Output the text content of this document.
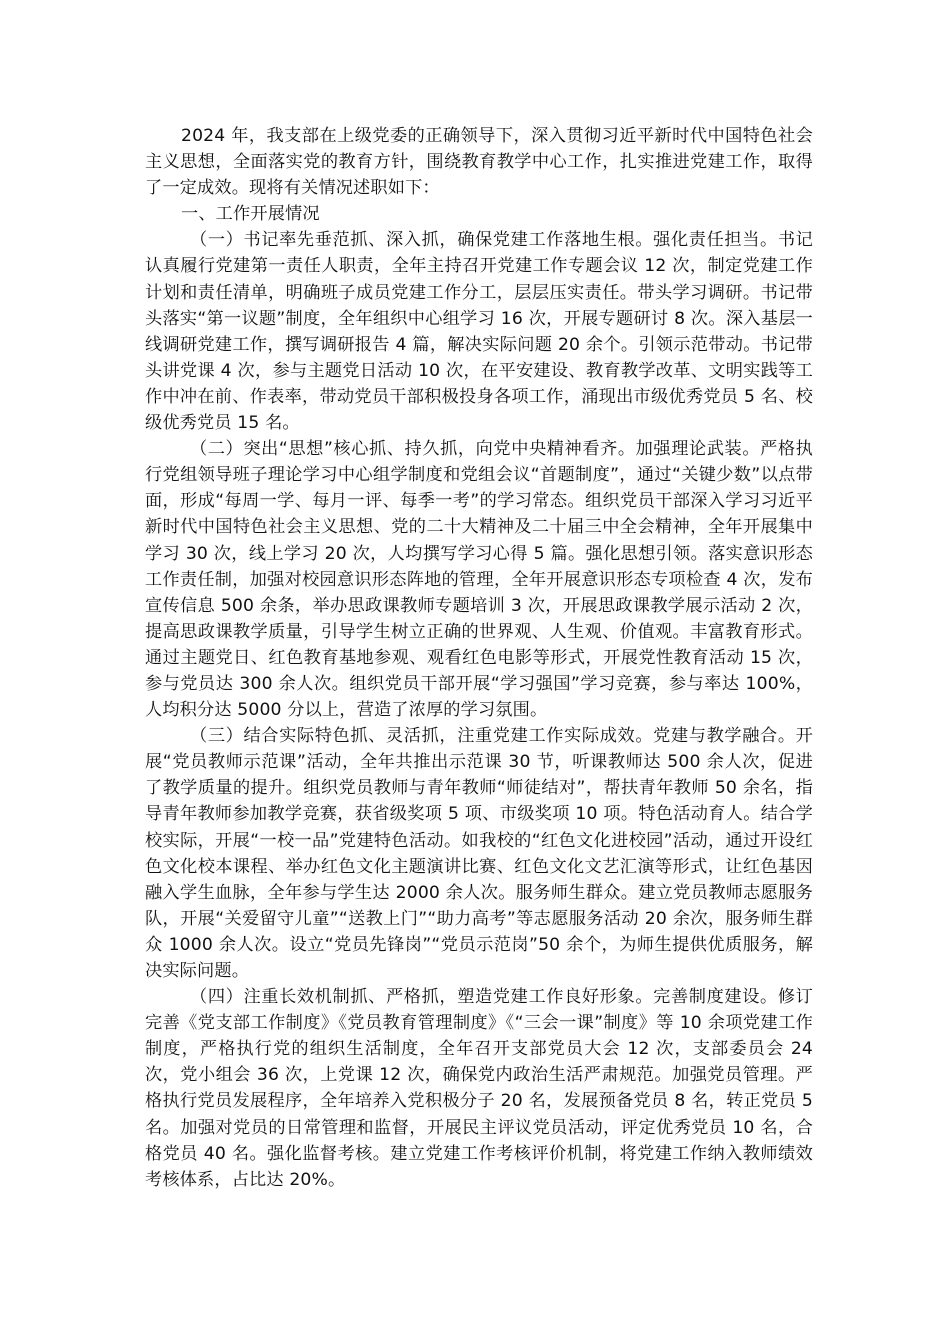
2024 年，我支部在上级党委的正确领导下，深入贯彻习近平新时代中国特色社会主义思想，全面落实党的教育方针，围绕教育教学中心工作，扎实推进党建工作，取得了一定成效。现将有关情况述职如下：

一、工作开展情况

（一）书记率先垂范抓、深入抓，确保党建工作落地生根。强化责任担当。书记认真履行党建第一责任人职责，全年主持召开党建工作专题会议 12 次，制定党建工作计划和责任清单，明确班子成员党建工作分工，层层压实责任。带头学习调研。书记带头落实“第一议题”制度，全年组织中心组学习 16 次，开展专题研讨 8 次。深入基层一线调研党建工作，撰写调研报告 4 篇，解决实际问题 20 余个。引领示范带动。书记带头讲党课 4 次，参与主题党日活动 10 次，在平安建设、教育教学改革、文明实践等工作中冲在前、作表率，带动党员干部积极投身各项工作，涌现出市级优秀党员 5 名、校级优秀党员 15 名。

（二）突出“思想”核心抓、持久抓，向党中央精神看齐。加强理论武装。严格执行党组领导班子理论学习中心组学制度和党组会议“首题制度”，通过“关键少数”以点带面，形成“每周一学、每月一评、每季一考”的学习常态。组织党员干部深入学习习近平新时代中国特色社会主义思想、党的二十大精神及二十届三中全会精神，全年开展集中学习 30 次，线上学习 20 次，人均撰写学习心得 5 篇。强化思想引领。落实意识形态工作责任制，加强对校园意识形态阵地的管理，全年开展意识形态专项检查 4 次，发布宣传信息 500 余条，举办思政课教师专题培训 3 次，开展思政课教学展示活动 2 次，提高思政课教学质量，引导学生树立正确的世界观、人生观、价值观。丰富教育形式。通过主题党日、红色教育基地参观、观看红色电影等形式，开展党性教育活动 15 次，参与党员达 300 余人次。组织党员干部开展“学习强国”学习竞赛，参与率达 100%，人均积分达 5000 分以上，营造了浓厚的学习氛围。

（三）结合实际特色抓、灵活抓，注重党建工作实际成效。党建与教学融合。开展“党员教师示范课”活动，全年共推出示范课 30 节，听课教师达 500 余人次，促进了教学质量的提升。组织党员教师与青年教师“师徒结对”，帮扶青年教师 50 余名，指导青年教师参加教学竞赛，获省级奖项 5 项、市级奖项 10 项。特色活动育人。结合学校实际，开展“一校一品”党建特色活动。如我校的“红色文化进校园”活动，通过开设红色文化校本课程、举办红色文化主题演讲比赛、红色文化文艺汇演等形式，让红色基因融入学生血脉，全年参与学生达 2000 余人次。服务师生群众。建立党员教师志愿服务队，开展“关爱留守儿童”“送教上门”“助力高考”等志愿服务活动 20 余次，服务师生群众 1000 余人次。设立“党员先锋岗”“党员示范岗”50 余个，为师生提供优质服务，解决实际问题。

（四）注重长效机制抓、严格抓，塑造党建工作良好形象。完善制度建设。修订完善《党支部工作制度》《党员教育管理制度》《“三会一课”制度》等 10 余项党建工作制度，严格执行党的组织生活制度，全年召开支部党员大会 12 次，支部委员会 24 次，党小组会 36 次，上党课 12 次，确保党内政治生活严肃规范。加强党员管理。严格执行党员发展程序，全年培养入党积极分子 20 名，发展预备党员 8 名，转正党员 5 名。加强对党员的日常管理和监督，开展民主评议党员活动，评定优秀党员 10 名，合格党员 40 名。强化监督考核。建立党建工作考核评价机制，将党建工作纳入教师绩效考核体系，占比达 20%。
